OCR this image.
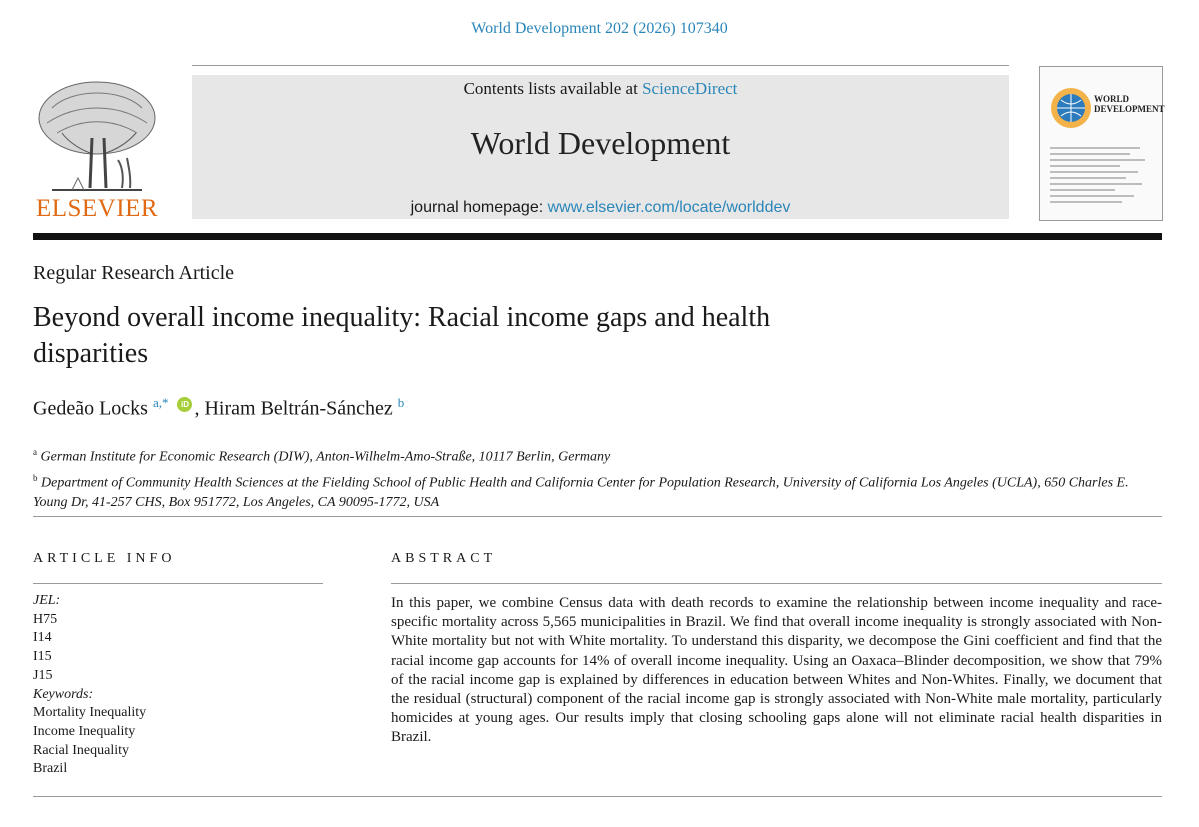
World Development 202 (2026) 107340
ELSEVIER
Contents lists available at ScienceDirect
World Development
journal homepage: www.elsevier.com/locate/worlddev
WORLD
DEVELOPMENT
Regular Research Article
Beyond overall income inequality: Racial income gaps and health disparities
Gedeão Locks $^{a,*}$ iD , Hiram Beltrán-Sánchez $^b$
$^a$ German Institute for Economic Research (DIW), Anton-Wilhelm-Amo-Straße, 10117 Berlin, Germany
$^b$ Department of Community Health Sciences at the Fielding School of Public Health and California Center for Population Research, University of California Los Angeles (UCLA), 650 Charles E. Young Dr, 41-257 CHS, Box 951772, Los Angeles, CA 90095-1772, USA
ARTICLE INFO
JEL:
H75
I14
I15
J15
Keywords:
Mortality Inequality
Income Inequality
Racial Inequality
Brazil
ABSTRACT
In this paper, we combine Census data with death records to examine the relationship between income inequality and race-specific mortality across 5,565 municipalities in Brazil. We find that overall income inequality is strongly associated with Non-White mortality but not with White mortality. To understand this disparity, we decompose the Gini coefficient and find that the racial income gap accounts for 14% of overall income inequality. Using an Oaxaca–Blinder decomposition, we show that 79% of the racial income gap is explained by differences in education between Whites and Non-Whites. Finally, we document that the residual (structural) component of the racial income gap is strongly associated with Non-White male mortality, particularly homicides at young ages. Our results imply that closing schooling gaps alone will not eliminate racial health disparities in Brazil.
